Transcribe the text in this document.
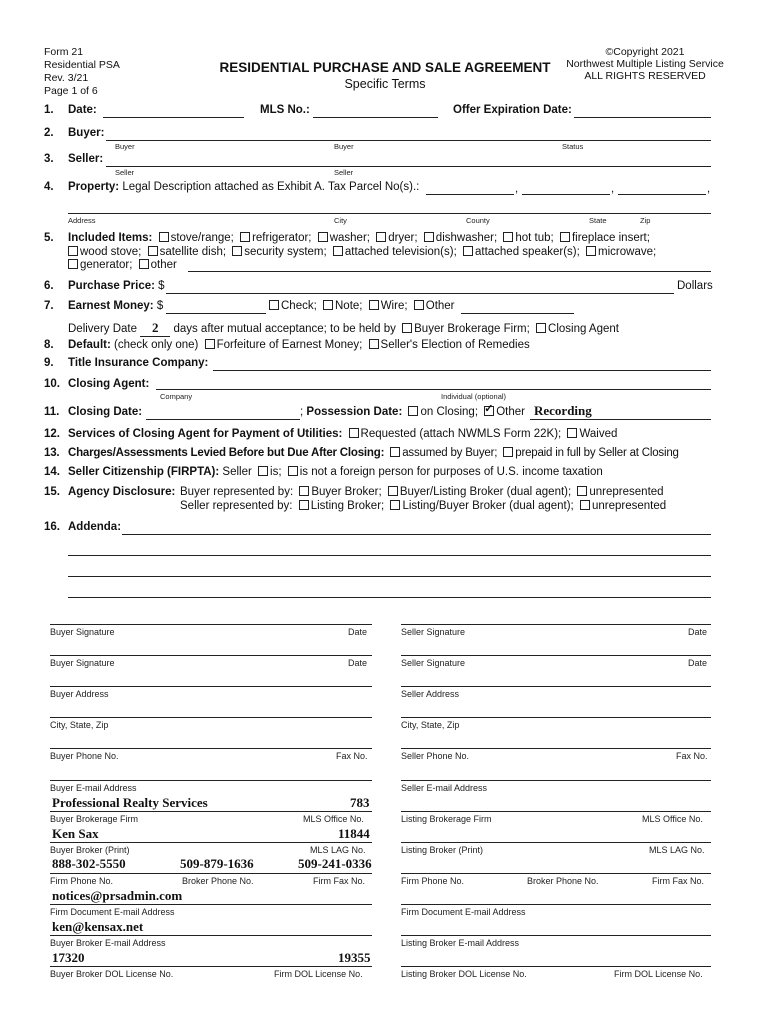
Form 21
Residential PSA
Rev. 3/21
Page 1 of 6
RESIDENTIAL PURCHASE AND SALE AGREEMENT
Specific Terms
©Copyright 2021
Northwest Multiple Listing Service
ALL RIGHTS RESERVED
1. Date:	MLS No.:	Offer Expiration Date:
2. Buyer:
Buyer	Buyer	Status
3. Seller:
Seller	Seller
4. Property: Legal Description attached as Exhibit A. Tax Parcel No(s).:	,	,	,
Address	City	County	State	Zip
5. Included Items: stove/range; refrigerator; washer; dryer; dishwasher; hot tub; fireplace insert;
wood stove; satellite dish; security system; attached television(s); attached speaker(s); microwave;
generator; other
6. Purchase Price: $	Dollars
7. Earnest Money: $	Check; Note; Wire; Other
Delivery Date 2 days after mutual acceptance; to be held by Buyer Brokerage Firm; Closing Agent
8. Default: (check only one) Forfeiture of Earnest Money; Seller's Election of Remedies
9. Title Insurance Company:
10. Closing Agent:
Company	Individual (optional)
11. Closing Date:	; Possession Date: on Closing; ✓ Other Recording
12. Services of Closing Agent for Payment of Utilities: Requested (attach NWMLS Form 22K); Waived
13. Charges/Assessments Levied Before but Due After Closing: assumed by Buyer; prepaid in full by Seller at Closing
14. Seller Citizenship (FIRPTA): Seller is; is not a foreign person for purposes of U.S. income taxation
15. Agency Disclosure: Buyer represented by: Buyer Broker; Buyer/Listing Broker (dual agent); unrepresented
Seller represented by: Listing Broker; Listing/Buyer Broker (dual agent); unrepresented
16. Addenda:
Buyer Signature	Date	Seller Signature	Date
Buyer Signature	Date	Seller Signature	Date
Buyer Address	Seller Address
City, State, Zip	City, State, Zip
Buyer Phone No.	Fax No.	Seller Phone No.	Fax No.
Buyer E-mail Address	Seller E-mail Address
Professional Realty Services	783
Buyer Brokerage Firm	MLS Office No.	Listing Brokerage Firm	MLS Office No.
Ken Sax	11844
Buyer Broker (Print)	MLS LAG No.	Listing Broker (Print)	MLS LAG No.
888-302-5550	509-879-1636	509-241-0336
Firm Phone No.	Broker Phone No.	Firm Fax No.	Firm Phone No.	Broker Phone No.	Firm Fax No.
notices@prsadmin.com
Firm Document E-mail Address	Firm Document E-mail Address
ken@kensax.net
Buyer Broker E-mail Address	Listing Broker E-mail Address
17320	19355
Buyer Broker DOL License No.	Firm DOL License No.	Listing Broker DOL License No.	Firm DOL License No.
